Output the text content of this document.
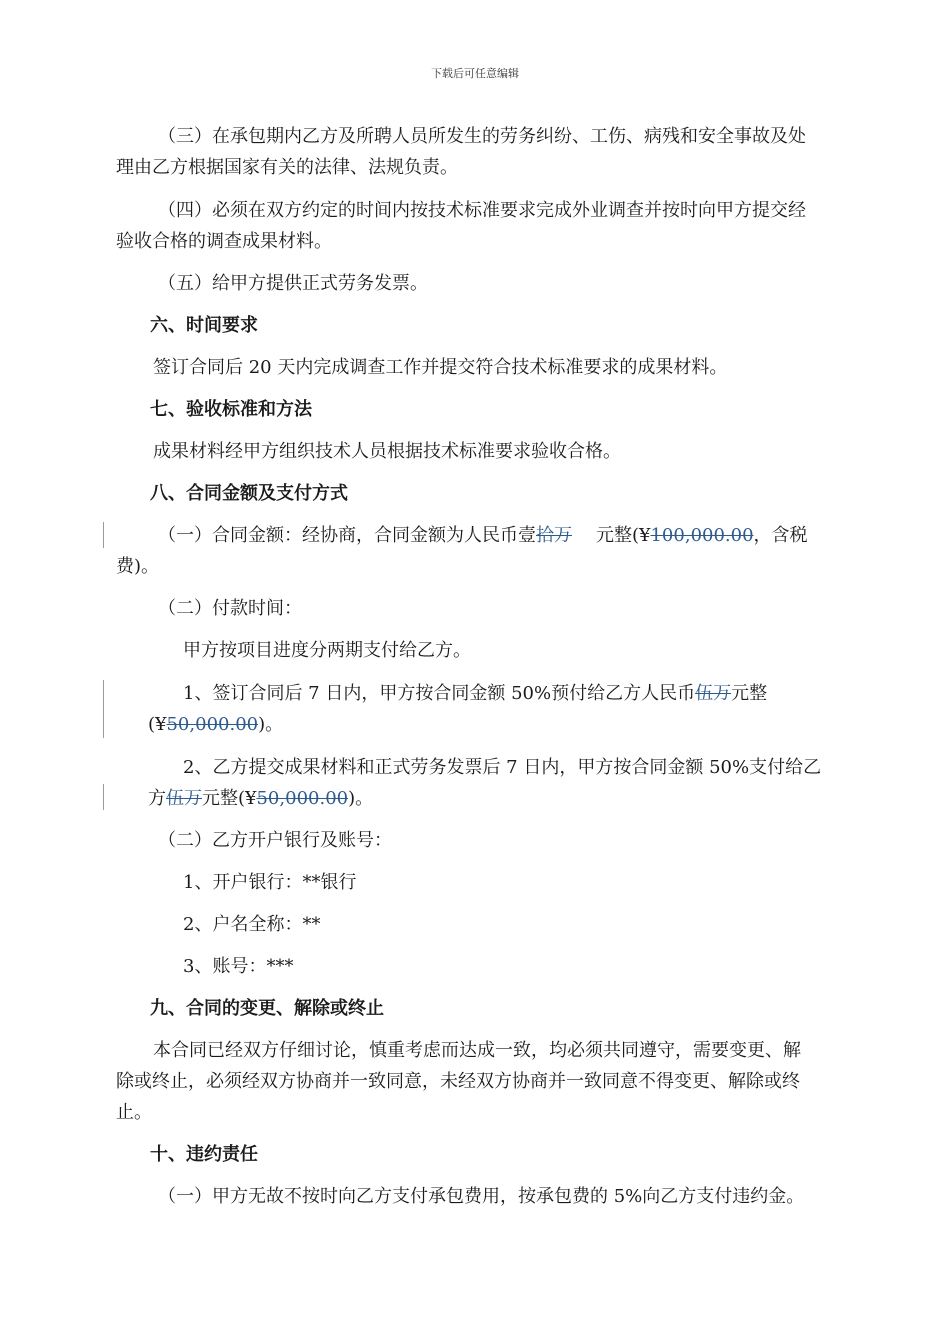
下载后可任意编辑
（三）在承包期内乙方及所聘人员所发生的劳务纠纷、工伤、病残和安全事故及处
理由乙方根据国家有关的法律、法规负责。
（四）必须在双方约定的时间内按技术标准要求完成外业调查并按时向甲方提交经
验收合格的调查成果材料。
（五）给甲方提供正式劳务发票。
六、时间要求
签订合同后 20 天内完成调查工作并提交符合技术标准要求的成果材料。
七、验收标准和方法
成果材料经甲方组织技术人员根据技术标准要求验收合格。
八、合同金额及支付方式
（一）合同金额：经协商，合同金额为人民币壹拾万 元整(¥100,000.00，含税
费)。
（二）付款时间：
甲方按项目进度分两期支付给乙方。
1、签订合同后 7 日内，甲方按合同金额 50%预付给乙方人民币伍万元整
(¥50,000.00)。
2、乙方提交成果材料和正式劳务发票后 7 日内，甲方按合同金额 50%支付给乙
方伍万元整(¥50,000.00)。
（二）乙方开户银行及账号：
1、开户银行：**银行
2、户名全称：**
3、账号：***
九、合同的变更、解除或终止
本合同已经双方仔细讨论，慎重考虑而达成一致，均必须共同遵守，需要变更、解
除或终止，必须经双方协商并一致同意，未经双方协商并一致同意不得变更、解除或终
止。
十、违约责任
（一）甲方无故不按时向乙方支付承包费用，按承包费的 5%向乙方支付违约金。
